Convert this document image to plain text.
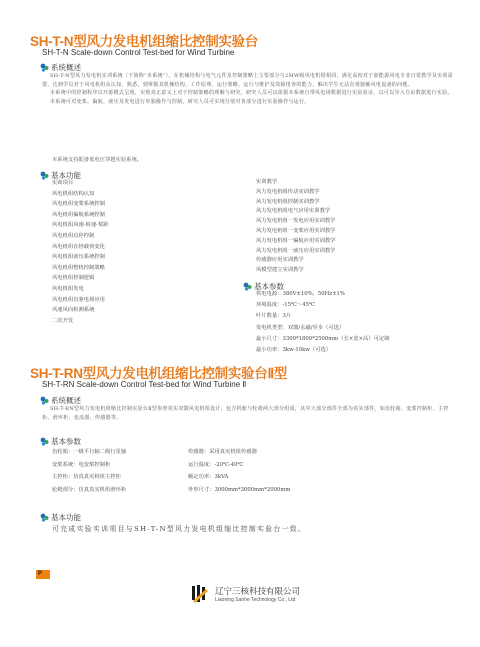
SH-T-N型风力发电机组缩比控制实验台
SH-T-N Scale-down Control Test-bed for Wind Turbine
系统概述

SH-T-N型风力发电机实训系统（下简称“本系统”），在机械结构与电气元件及控制策略上主要部分与2MW级风电机组相同，满足高校对于新能源风电专业日常教学及实训需要，达到学员对于风电机组从认知、熟悉、到掌握其机械结构、工作原理、运行策略、运行与维护及故障排查的能力，解决学生无法直观接触风电设备的问题。

本系统中的控制程序以开源模式呈现，实现真正意义上对于控制策略的理解与研究，研究人员可以依据本系统自带风电场数据进行实验验证，以可以导入自由数据进行实验。

本系统可对变桨、偏航、液压及发电进行单独操作与控制，研究人员可实现分别对各部分进行实验操作与运行。

本系统支持配备低电压穿越实验系统。
基本功能
实训项目
风电机组结构认知
风电机组变桨系统控制
风电机组偏航系统控制
风电机组风速-转速-桨距
风电机组启停控制
风电机组在轻载荷变化
风电机组液压系统控制
风电机组整机控制策略
风电机组控制逻辑
风电机组发电
风电机组直驱电场应用
风速风向检测系统
二次开发
实训教学
风力发电机组传动实训教学
风力发电机组控制实训教学
风力发电机组电气应用实训教学
风力发电机组一发电应用实训教学
风力发电机组一变桨应用实训教学
风力发电机组一偏航应用实训教学
风力发电机组一液压应用实训教学
传感器应用实训教学
风模型建立实训教学
基本参数
供电电源：380V±10%，50Hz±1%
环境温度：-15℃～45℃
叶片数量：3片
发电机类型：双馈/永磁/异步（可选）
最小尺寸：3300*1800*2500mm（长×宽×高）可定制
最小功率：3kw-10kw（可选）
SH-T-RN型风力发电机组缩比控制实验台Ⅱ型
SH-T-RN Scale-down Control Test-bed for Wind Turbine Ⅱ
系统概述

SH-T-RN型风力发电机组缩比控制实验台Ⅱ型参照真实双馈风电机组设计，包含机舱与轮毂两大部分组成，其中大部分部件全部为真实部件，如齿轮箱、变桨控制柜、主控柜、滑环柜、变流器、传感器等。

基本参数
齿轮箱：一级平行轴二级行星轴	传感器：采用真实机组传感器
变桨系统：电变桨控制柜	运行温度：-20℃-40℃
主控柜：仿真真实机组主控柜	额定功率：3kVA
轮毂部分：仿真真实机组滑环柜	外形尺寸：3000mm*3000mm*2000mm
基本功能
可完成实验实训项目与SH-T-N型风力发电机组缩比控制实验台一致。
P
辽宁三核科技有限公司
Liaoning Sanhe Technology Co., Ltd
